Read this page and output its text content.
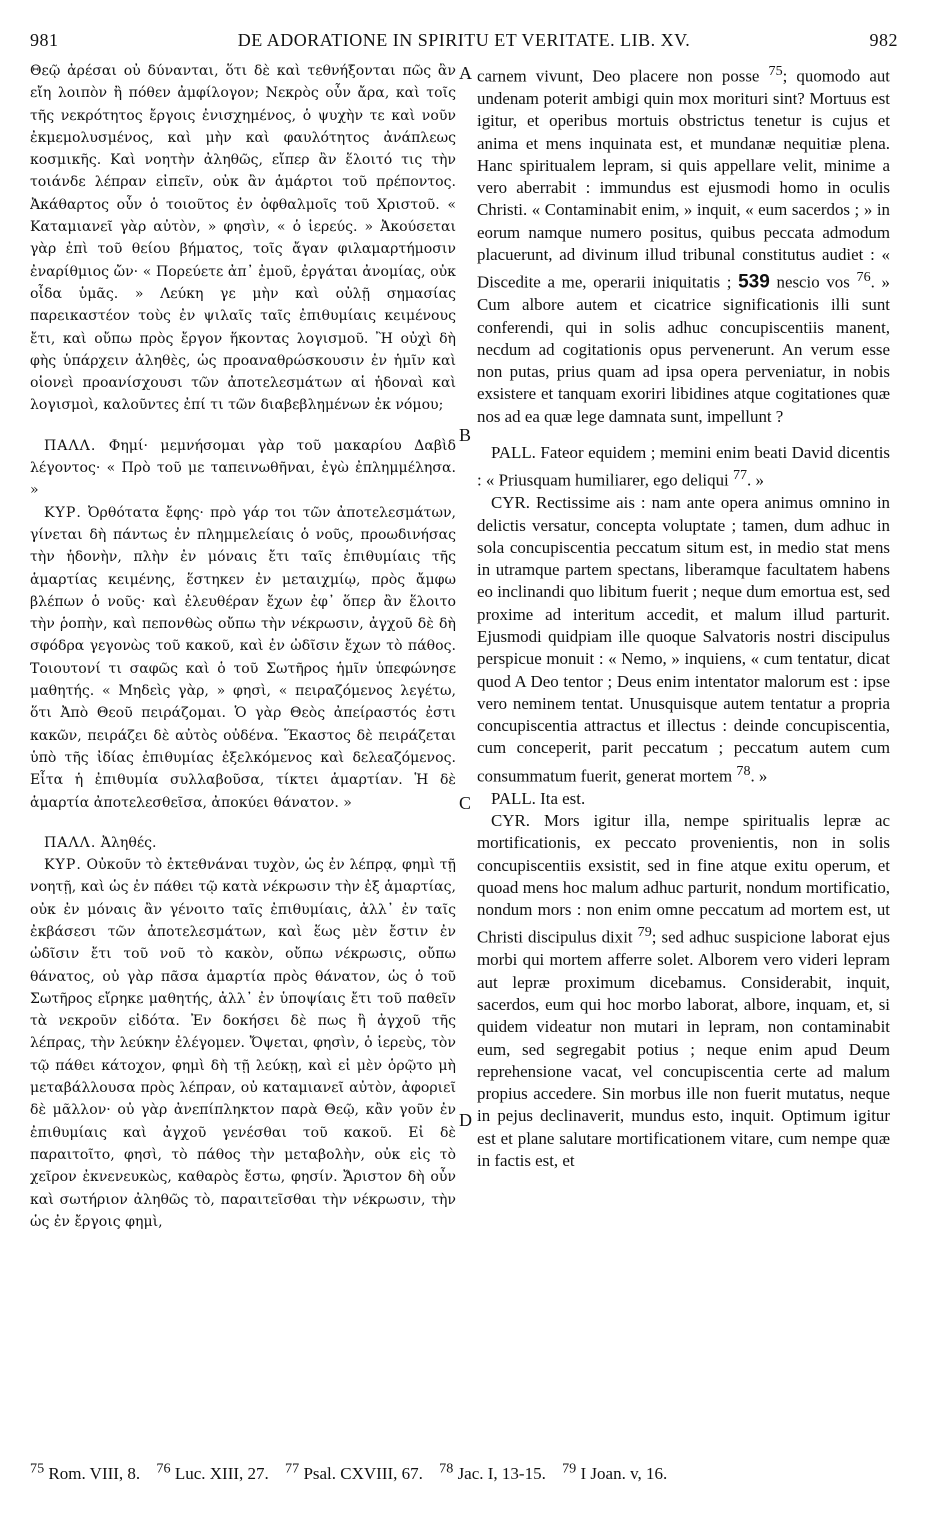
981	DE ADORATIONE IN SPIRITU ET VERITATE. LIB. XV.	982
A
B
C
D

Θεῷ ἀρέσαι οὐ δύνανται, ὅτι δὲ καὶ τεθνήξονται πῶς ἂν εἴη λοιπὸν ἢ πόθεν ἀμφίλογον; Νεκρὸς οὖν ἄρα, καὶ τοῖς τῆς νεκρότητος ἔργοις ἐνισχημένος, ὁ ψυχὴν τε καὶ νοῦν ἐκμεμολυσμένος, καὶ μὴν καὶ φαυλότητος ἀνάπλεως κοσμικῆς. Καὶ νοητὴν ἀληθῶς, εἴπερ ἂν ἕλοιτό τις τὴν τοιάνδε λέπραν εἰπεῖν, οὐκ ἂν ἁμάρτοι τοῦ πρέποντος. Ἀκάθαρτος οὖν ὁ τοιοῦτος ἐν ὀφθαλμοῖς τοῦ Χριστοῦ. « Καταμιανεῖ γὰρ αὐτὸν, » φησὶν, « ὁ ἱερεύς. » Ἀκούσεται γὰρ ἐπὶ τοῦ θείου βήματος, τοῖς ἄγαν φιλαμαρτήμοσιν ἐναρίθμιος ὤν· « Πορεύετε ἀπ᾽ ἐμοῦ, ἐργάται ἀνομίας, οὐκ οἶδα ὑμᾶς. » Λεύκη γε μὴν καὶ οὐλῇ σημασίας παρεικαστέον τοὺς ἐν ψιλαῖς ταῖς ἐπιθυμίαις κειμένους ἔτι, καὶ οὔπω πρὸς ἔργον ἥκοντας λογισμοῦ. Ἢ οὐχὶ δὴ φὴς ὑπάρχειν ἀληθὲς, ὡς προαναθρώσκουσιν ἐν ἡμῖν καὶ οἱονεὶ προανίσχουσι τῶν ἀποτελεσμάτων αἱ ἡδοναὶ καὶ λογισμοὶ, καλοῦντες ἐπί τι τῶν διαβεβλημένων ἐκ νόμου;

ΠΑΛΛ. Φημί· μεμνήσομαι γὰρ τοῦ μακαρίου Δαβὶδ λέγοντος· « Πρὸ τοῦ με ταπεινωθῆναι, ἐγὼ ἐπλημμέλησα. »

ΚΥΡ. Ὀρθότατα ἔφης· πρὸ γάρ τοι τῶν ἀποτελεσμάτων, γίνεται δὴ πάντως ἐν πλημμελείαις ὁ νοῦς, προωδινήσας τὴν ἡδονὴν, πλὴν ἐν μόναις ἔτι ταῖς ἐπιθυμίαις τῆς ἁμαρτίας κειμένης, ἕστηκεν ἐν μεταιχμίῳ, πρὸς ἄμφω βλέπων ὁ νοῦς· καὶ ἐλευθέραν ἔχων ἐφ᾽ ὅπερ ἂν ἕλοιτο τὴν ῥοπὴν, καὶ πεπονθὼς οὔπω τὴν νέκρωσιν, ἀγχοῦ δὲ δὴ σφόδρα γεγονὼς τοῦ κακοῦ, καὶ ἐν ὠδῖσιν ἔχων τὸ πάθος. Τοιουτονί τι σαφῶς καὶ ὁ τοῦ Σωτῆρος ἡμῖν ὑπεφώνησε μαθητής. « Μηδεὶς γὰρ, » φησὶ, « πειραζόμενος λεγέτω, ὅτι Ἀπὸ Θεοῦ πειράζομαι. Ὁ γὰρ Θεὸς ἀπείραστός ἐστι κακῶν, πειράζει δὲ αὐτὸς οὐδένα. Ἕκαστος δὲ πειράζεται ὑπὸ τῆς ἰδίας ἐπιθυμίας ἐξελκόμενος καὶ δελεαζόμενος. Εἶτα ἡ ἐπιθυμία συλλαβοῦσα, τίκτει ἁμαρτίαν. Ἡ δὲ ἁμαρτία ἀποτελεσθεῖσα, ἀποκύει θάνατον. »

ΠΑΛΛ. Ἀληθές.

ΚΥΡ. Οὐκοῦν τὸ ἐκτεθνάναι τυχὸν, ὡς ἐν λέπρᾳ, φημὶ τῇ νοητῇ, καὶ ὡς ἐν πάθει τῷ κατὰ νέκρωσιν τὴν ἐξ ἁμαρτίας, οὐκ ἐν μόναις ἂν γένοιτο ταῖς ἐπιθυμίαις, ἀλλ᾽ ἐν ταῖς ἐκβάσεσι τῶν ἀποτελεσμάτων, καὶ ἕως μὲν ἔστιν ἐν ὠδῖσιν ἔτι τοῦ νοῦ τὸ κακὸν, οὔπω νέκρωσις, οὔπω θάνατος, οὐ γὰρ πᾶσα ἁμαρτία πρὸς θάνατον, ὡς ὁ τοῦ Σωτῆρος εἴρηκε μαθητής, ἀλλ᾽ ἐν ὑποψίαις ἔτι τοῦ παθεῖν τὰ νεκροῦν εἰδότα. Ἐν δοκήσει δὲ πως ἢ ἀγχοῦ τῆς λέπρας, τὴν λεύκην ἐλέγομεν. Ὄψεται, φησὶν, ὁ ἱερεὺς, τὸν τῷ πάθει κάτοχον, φημὶ δὴ τῇ λεύκῃ, καὶ εἰ μὲν ὁρῷτο μὴ μεταβάλλουσα πρὸς λέπραν, οὐ καταμιανεῖ αὐτὸν, ἀφοριεῖ δὲ μᾶλλον· οὐ γὰρ ἀνεπίπληκτον παρὰ Θεῷ, κἂν γοῦν ἐν ἐπιθυμίαις καὶ ἀγχοῦ γενέσθαι τοῦ κακοῦ. Εἰ δὲ παραιτοῖτο, φησὶ, τὸ πάθος τὴν μεταβολὴν, οὐκ εἰς τὸ χεῖρον ἐκνενευκὼς, καθαρὸς ἔστω, φησίν. Ἄριστον δὴ οὖν καὶ σωτήριον ἀληθῶς τὸ, παραιτεῖσθαι τὴν νέκρωσιν, τὴν ὡς ἐν ἔργοις φημὶ,

carnem vivunt, Deo placere non posse $^{75}$; quomodo aut undenam poterit ambigi quin mox morituri sint? Mortuus est igitur, et operibus mortuis obstrictus tenetur is cujus et anima et mens inquinata est, et mundanæ nequitiæ plena. Hanc spiritualem lepram, si quis appellare velit, minime a vero aberrabit : immundus est ejusmodi homo in oculis Christi. « Contaminabit enim, » inquit, « eum sacerdos ; » in eorum namque numero positus, quibus peccata admodum placuerunt, ad divinum illud tribunal constitutus audiet : « Discedite a me, operarii iniquitatis ; 539 nescio vos $^{76}$. » Cum albore autem et cicatrice significationis illi sunt conferendi, qui in solis adhuc concupiscentiis manent, necdum ad cogitationis opus pervenerunt. An verum esse non putas, prius quam ad ipsa opera perveniatur, in nobis exsistere et tanquam exoriri libidines atque cogitationes quæ nos ad ea quæ lege damnata sunt, impellunt ?

PALL. Fateor equidem ; memini enim beati David dicentis : « Priusquam humiliarer, ego deliqui $^{77}$. »

CYR. Rectissime ais : nam ante opera animus omnino in delictis versatur, concepta voluptate ; tamen, dum adhuc in sola concupiscentia peccatum situm est, in medio stat mens in utramque partem spectans, liberamque facultatem habens eo inclinandi quo libitum fuerit ; neque dum emortua est, sed proxime ad interitum accedit, et malum illud parturit. Ejusmodi quidpiam ille quoque Salvatoris nostri discipulus perspicue monuit : « Nemo, » inquiens, « cum tentatur, dicat quod A Deo tentor ; Deus enim intentator malorum est : ipse vero neminem tentat. Unusquisque autem tentatur a propria concupiscentia attractus et illectus : deinde concupiscentia, cum conceperit, parit peccatum ; peccatum autem cum consummatum fuerit, generat mortem $^{78}$. »

PALL. Ita est.

CYR. Mors igitur illa, nempe spiritualis lepræ ac mortificationis, ex peccato provenientis, non in solis concupiscentiis exsistit, sed in fine atque exitu operum, et quoad mens hoc malum adhuc parturit, nondum mortificatio, nondum mors : non enim omne peccatum ad mortem est, ut Christi discipulus dixit $^{79}$; sed adhuc suspicione laborat ejus morbi qui mortem afferre solet. Alborem vero videri lepram aut lepræ proximum dicebamus. Considerabit, inquit, sacerdos, eum qui hoc morbo laborat, albore, inquam, et, si quidem videatur non mutari in lepram, non contaminabit eum, sed segregabit potius ; neque enim apud Deum reprehensione vacat, vel concupiscentia certe ad malum propius accedere. Sin morbus ille non fuerit mutatus, neque in pejus declinaverit, mundus esto, inquit. Optimum igitur est et plane salutare mortificationem vitare, cum nempe quæ in factis est, et

$^{75}$ Rom. VIII, 8. $^{76}$ Luc. XIII, 27. $^{77}$ Psal. CXVIII, 67. $^{78}$ Jac. I, 13-15. $^{79}$ I Joan. v, 16.
